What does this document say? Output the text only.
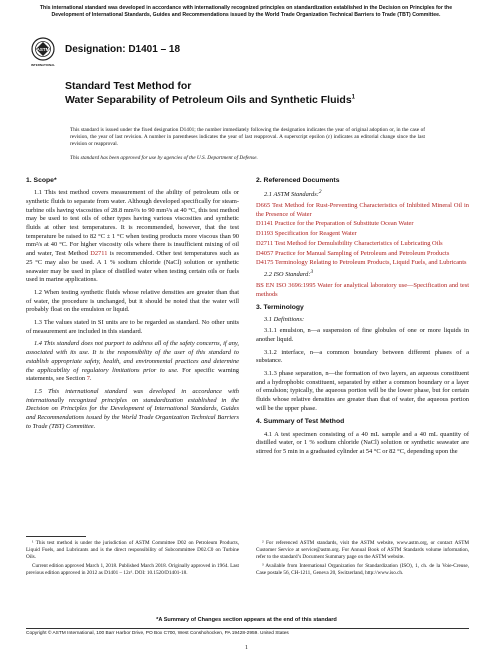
This international standard was developed in accordance with internationally recognized principles on standardization established in the Decision on Principles for the Development of International Standards, Guides and Recommendations issued by the World Trade Organization Technical Barriers to Trade (TBT) Committee.
ASTM
INTERNATIONAL
Designation: D1401 – 18
Standard Test Method for
Water Separability of Petroleum Oils and Synthetic Fluids$^1$
This standard is issued under the fixed designation D1401; the number immediately following the designation indicates the year of original adoption or, in the case of revision, the year of last revision. A number in parentheses indicates the year of last reapproval. A superscript epsilon (ε) indicates an editorial change since the last revision or reapproval.
This standard has been approved for use by agencies of the U.S. Department of Defense.
1. Scope*
1.1 This test method covers measurement of the ability of petroleum oils or synthetic fluids to separate from water. Although developed specifically for steam-turbine oils having viscosities of 28.8 mm²/s to 90 mm²/s at 40 °C, this test method may be used to test oils of other types having various viscosities and synthetic fluids at other test temperatures. It is recommended, however, that the test temperature be raised to 82 °C ± 1 °C when testing products more viscous than 90 mm²/s at 40 °C. For higher viscosity oils where there is insufficient mixing of oil and water, Test Method D2711 is recommended. Other test temperatures such as 25 °C may also be used. A 1 % sodium chloride (NaCl) solution or synthetic seawater may be used in place of distilled water when testing certain oils or fuels used in marine applications.
1.2 When testing synthetic fluids whose relative densities are greater than that of water, the procedure is unchanged, but it should be noted that the water will probably float on the emulsion or liquid.
1.3 The values stated in SI units are to be regarded as standard. No other units of measurement are included in this standard.
1.4 This standard does not purport to address all of the safety concerns, if any, associated with its use. It is the responsibility of the user of this standard to establish appropriate safety, health, and environmental practices and determine the applicability of regulatory limitations prior to use. For specific warning statements, see Section 7.
1.5 This international standard was developed in accordance with internationally recognized principles on standardization established in the Decision on Principles for the Development of International Standards, Guides and Recommendations issued by the World Trade Organization Technical Barriers to Trade (TBT) Committee.
2. Referenced Documents
2.1 ASTM Standards:$^2$
D665 Test Method for Rust-Preventing Characteristics of Inhibited Mineral Oil in the Presence of Water
D1141 Practice for the Preparation of Substitute Ocean Water
D1193 Specification for Reagent Water
D2711 Test Method for Demulsibility Characteristics of Lubricating Oils
D4057 Practice for Manual Sampling of Petroleum and Petroleum Products
D4175 Terminology Relating to Petroleum Products, Liquid Fuels, and Lubricants
2.2 ISO Standard:$^3$
BS EN ISO 3696:1995 Water for analytical laboratory use—Specification and test methods
3. Terminology
3.1 Definitions:
3.1.1 emulsion, n—a suspension of fine globules of one or more liquids in another liquid.
3.1.2 interface, n—a common boundary between different phases of a substance.
3.1.3 phase separation, n—the formation of two layers, an aqueous constituent and a hydrophobic constituent, separated by either a common boundary or a layer of emulsion; typically, the aqueous portion will be the lower phase, but for certain fluids whose relative densities are greater than that of water, the aqueous portion will be the upper phase.
4. Summary of Test Method
4.1 A test specimen consisting of a 40 mL sample and a 40 mL quantity of distilled water, or 1 % sodium chloride (NaCl) solution or synthetic seawater are stirred for 5 min in a graduated cylinder at 54 °C or 82 °C, depending upon the
¹ This test method is under the jurisdiction of ASTM Committee D02 on Petroleum Products, Liquid Fuels, and Lubricants and is the direct responsibility of Subcommittee D02.C0 on Turbine Oils.
Current edition approved March 1, 2018. Published March 2018. Originally approved in 1964. Last previous edition approved in 2012 as D1401 – 12ε¹. DOI: 10.1520/D1401-18.
² For referenced ASTM standards, visit the ASTM website, www.astm.org, or contact ASTM Customer Service at service@astm.org. For Annual Book of ASTM Standards volume information, refer to the standard’s Document Summary page on the ASTM website.
³ Available from International Organization for Standardization (ISO), 1, ch. de la Voie-Creuse, Case postale 56, CH-1211, Geneva 20, Switzerland, http://www.iso.ch.
*A Summary of Changes section appears at the end of this standard
Copyright © ASTM International, 100 Barr Harbor Drive, PO Box C700, West Conshohocken, PA 19428-2959. United States
1
